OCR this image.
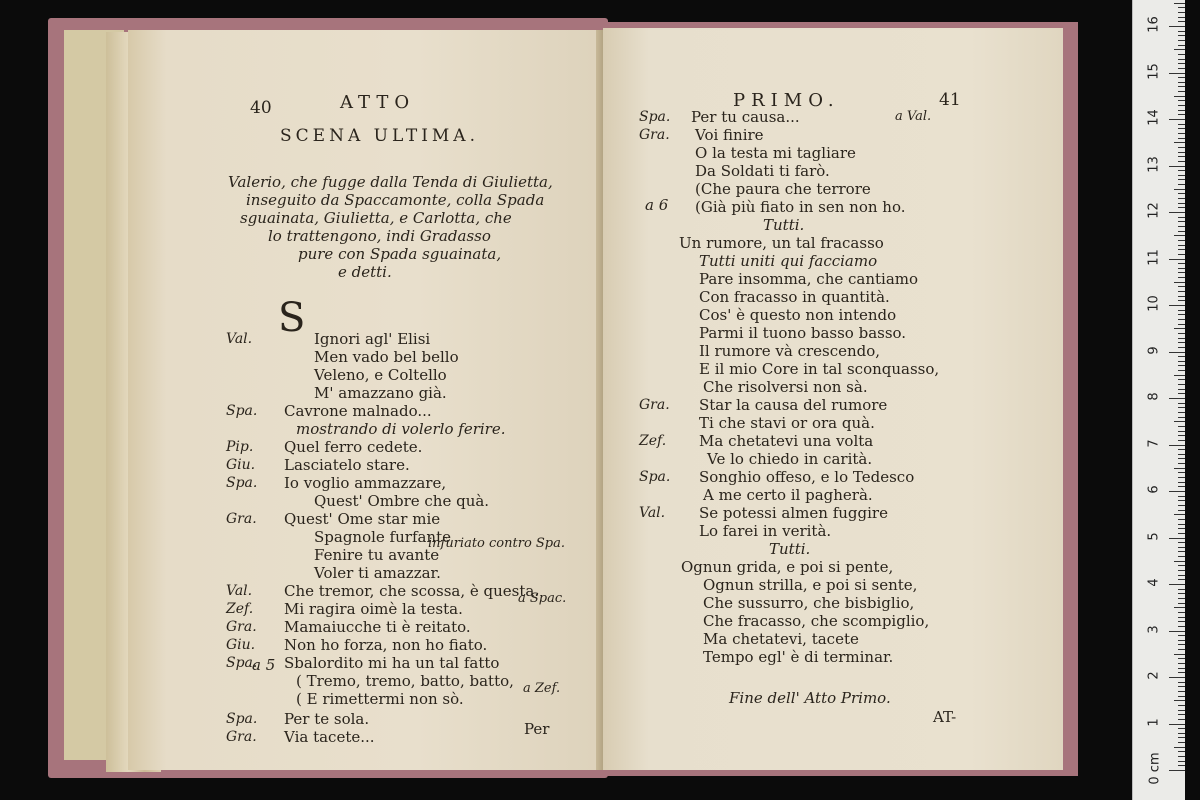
40	ATTO
SCENA ULTIMA.
Valerio, che fugge dalla Tenda di Giulietta,
inseguito da Spaccamonte, colla Spada
sguainata, Giulietta, e Carlotta, che
lo trattengono, indi Gradasso
pure con Spada sguainata,
e detti.
S
Val.	Ignori agl' Elisi
Men vado bel bello
Veleno, e Coltello
M' amazzano già.
Spa. Cavrone malnado...
mostrando di volerlo ferire.
Pip. Quel ferro cedete.
Giu. Lasciatelo stare.
Spa. Io voglio ammazzare,
Quest' Ombre che quà.
Gra. Quest' Ome star mie
Spagnole furfante
Fenire tu avante
Voler ti amazzar.
Val. Che tremor, che scossa, è questa.
Zef. Mi ragira oimè la testa.
Gra. Mamaiucche ti è reitato.
Giu. Non ho forza, non ho fiato.
Spa. Sbalordito mi ha un tal fatto
( Tremo, tremo, batto, batto,
( E rimettermi non sò.
Spa. Per te sola.
Gra. Via tacete...
infuriato contro Spa.
a Spac.
a Zef.
a 5
Per
PRIMO.	41
Spa. Per tu causa...
Gra. Voi finire
O la testa mi tagliare
Da Soldati ti farò.
(Che paura che terrore
(Già più fiato in sen non ho.
Tutti.
Un rumore, un tal fracasso
Tutti uniti qui facciamo
Pare insomma, che cantiamo
Con fracasso in quantità.
Cos' è questo non intendo
Parmi il tuono basso basso.
Il rumore và crescendo,
E il mio Core in tal sconquasso,
Che risolversi non sà.
Gra. Star la causa del rumore
Ti che stavi or ora quà.
Zef. Ma chetatevi una volta
Ve lo chiedo in carità.
Spa. Songhio offeso, e lo Tedesco
A me certo il pagherà.
Val. Se potessi almen fuggire
Lo farei in verità.
Tutti.
Ognun grida, e poi si pente,
Ognun strilla, e poi si sente,
Che sussurro, che bisbiglio,
Che fracasso, che scompiglio,
Ma chetatevi, tacete
Tempo egl' è di terminar.
a Val.
a 6
Fine dell' Atto Primo.
AT-
0 cm
1
2
3
4
5
6
7
8
9
10
11
12
13
14
15
16
